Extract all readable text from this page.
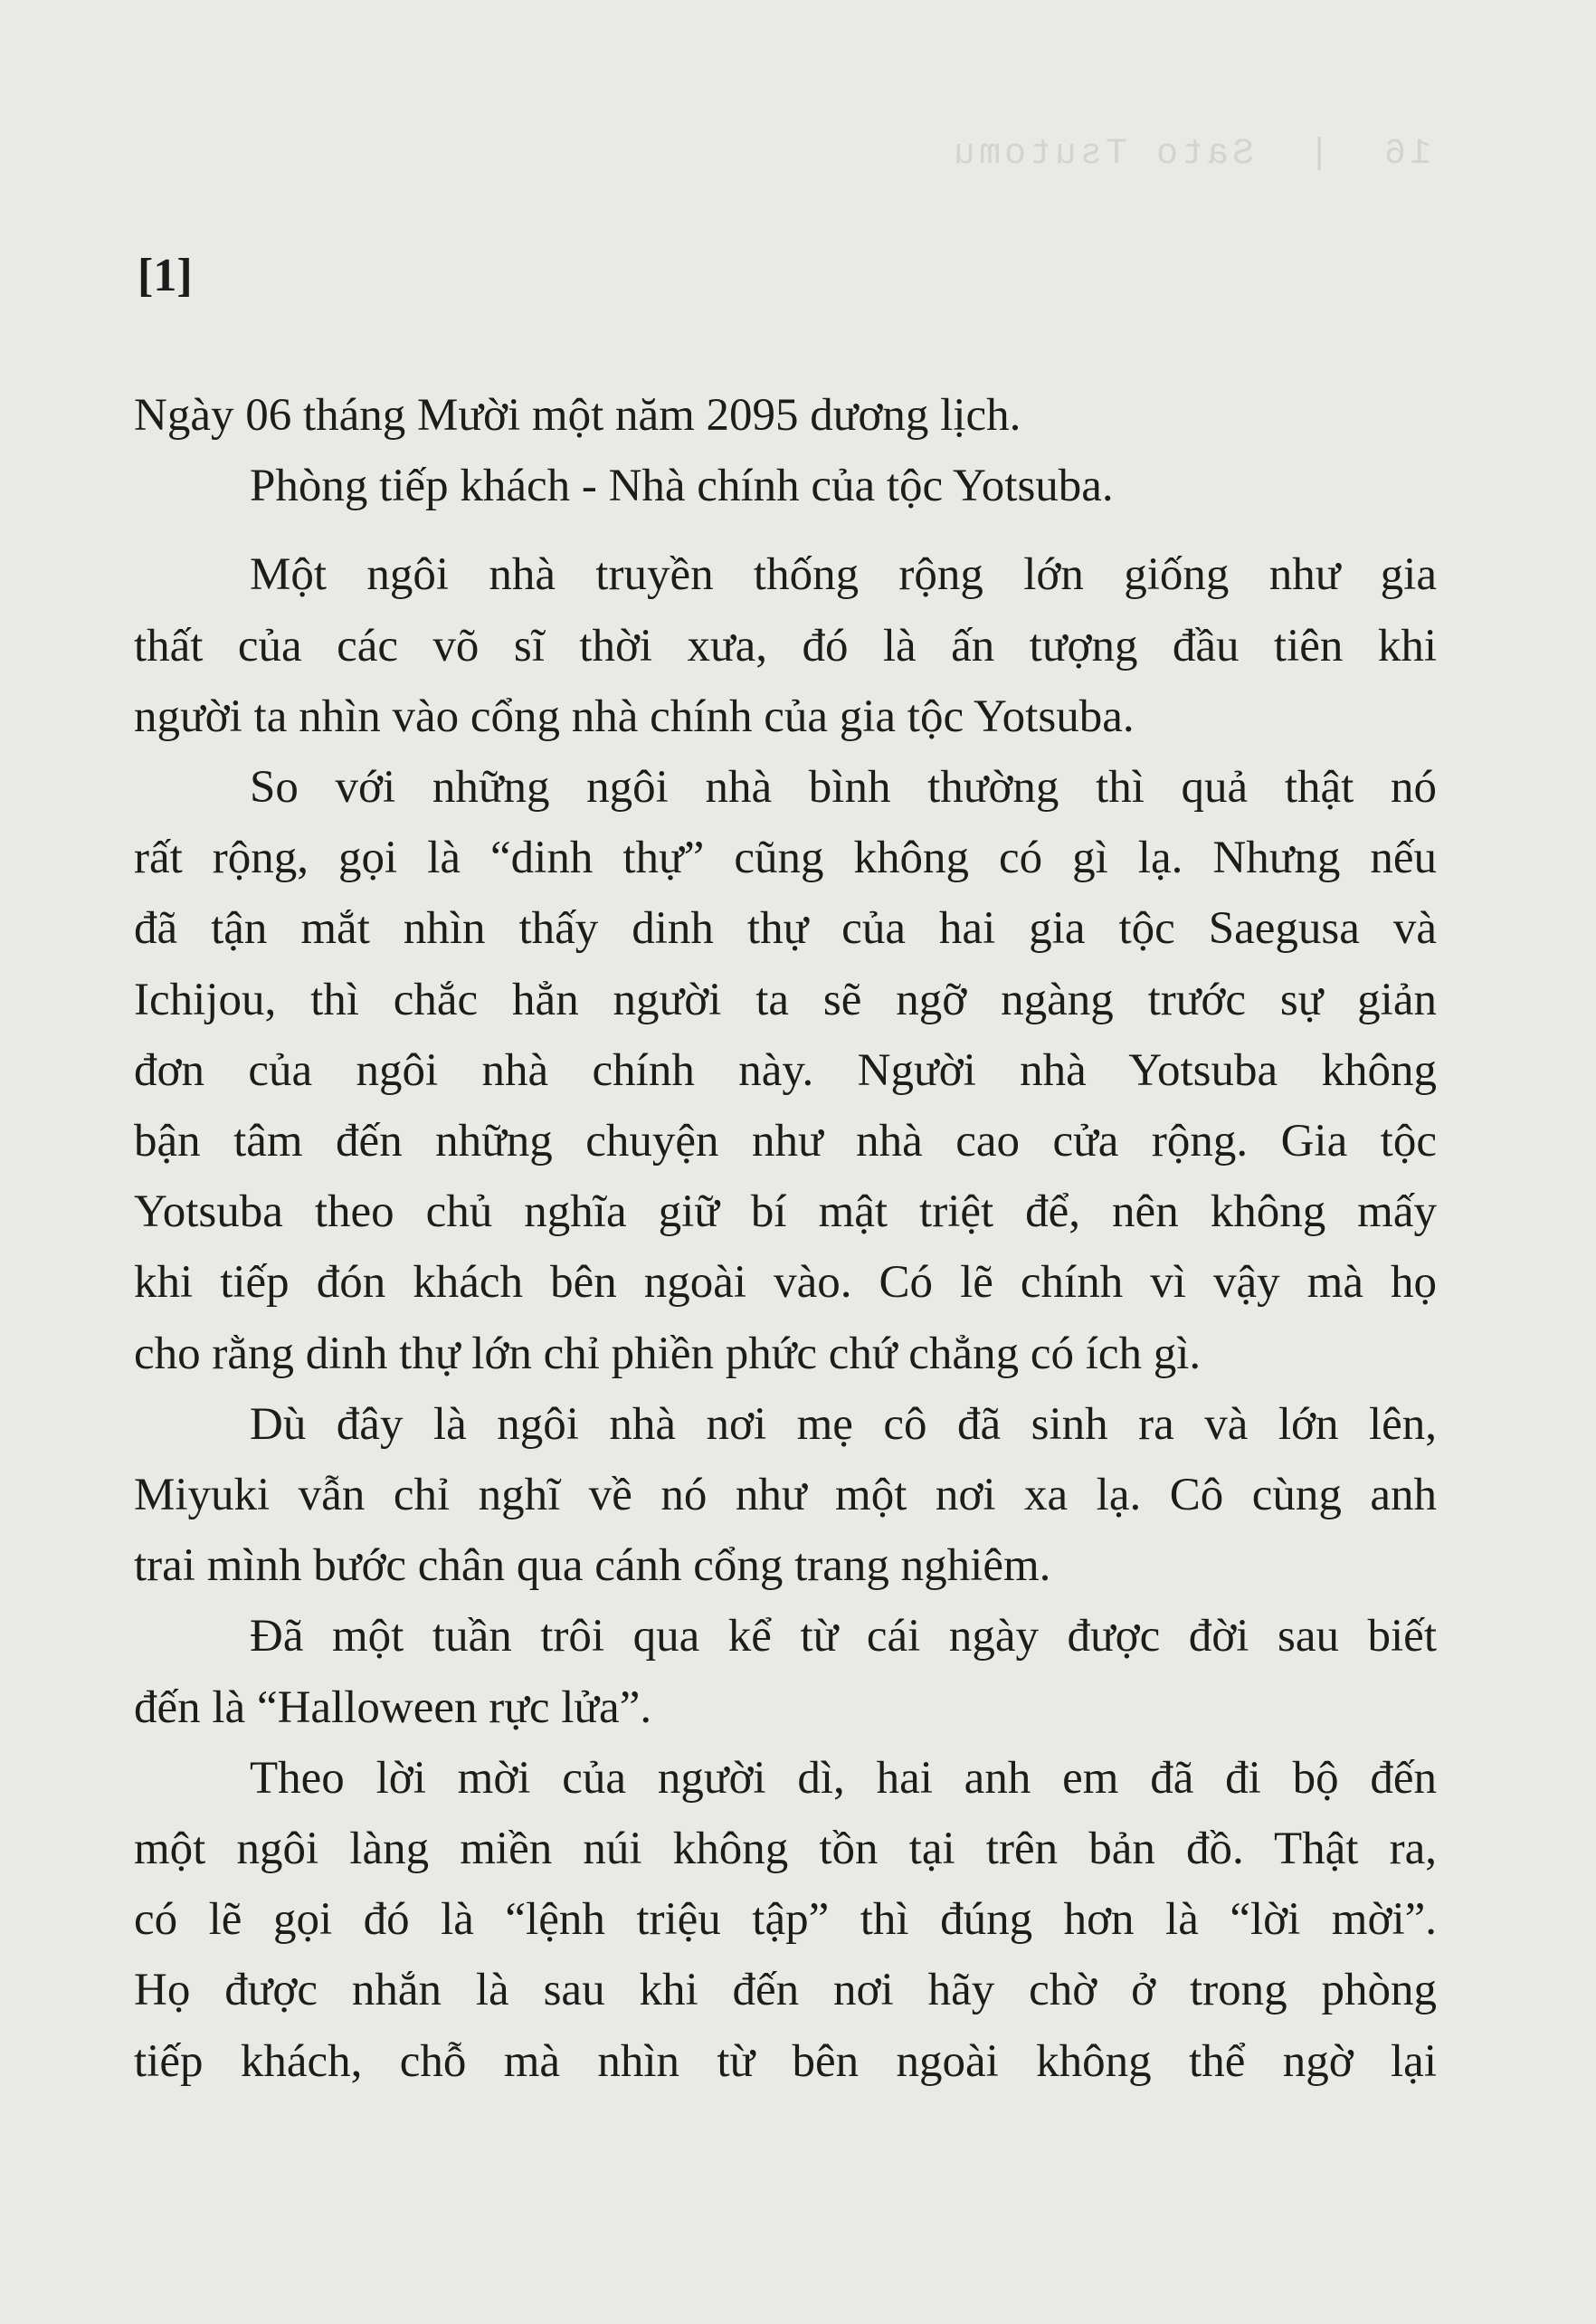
16  |  Sato Tsutomu
[1]
Ngày 06 tháng Mười một năm 2095 dương lịch.
Phòng tiếp khách - Nhà chính của tộc Yotsuba.
Một ngôi nhà truyền thống rộng lớn giống như gia
thất của các võ sĩ thời xưa, đó là ấn tượng đầu tiên khi
người ta nhìn vào cổng nhà chính của gia tộc Yotsuba.
So với những ngôi nhà bình thường thì quả thật nó
rất rộng, gọi là “dinh thự” cũng không có gì lạ. Nhưng nếu
đã tận mắt nhìn thấy dinh thự của hai gia tộc Saegusa và
Ichijou, thì chắc hẳn người ta sẽ ngỡ ngàng trước sự giản
đơn của ngôi nhà chính này. Người nhà Yotsuba không
bận tâm đến những chuyện như nhà cao cửa rộng. Gia tộc
Yotsuba theo chủ nghĩa giữ bí mật triệt để, nên không mấy
khi tiếp đón khách bên ngoài vào. Có lẽ chính vì vậy mà họ
cho rằng dinh thự lớn chỉ phiền phức chứ chẳng có ích gì.
Dù đây là ngôi nhà nơi mẹ cô đã sinh ra và lớn lên,
Miyuki vẫn chỉ nghĩ về nó như một nơi xa lạ. Cô cùng anh
trai mình bước chân qua cánh cổng trang nghiêm.
Đã một tuần trôi qua kể từ cái ngày được đời sau biết
đến là “Halloween rực lửa”.
Theo lời mời của người dì, hai anh em đã đi bộ đến
một ngôi làng miền núi không tồn tại trên bản đồ. Thật ra,
có lẽ gọi đó là “lệnh triệu tập” thì đúng hơn là “lời mời”.
Họ được nhắn là sau khi đến nơi hãy chờ ở trong phòng
tiếp khách, chỗ mà nhìn từ bên ngoài không thể ngờ lại
